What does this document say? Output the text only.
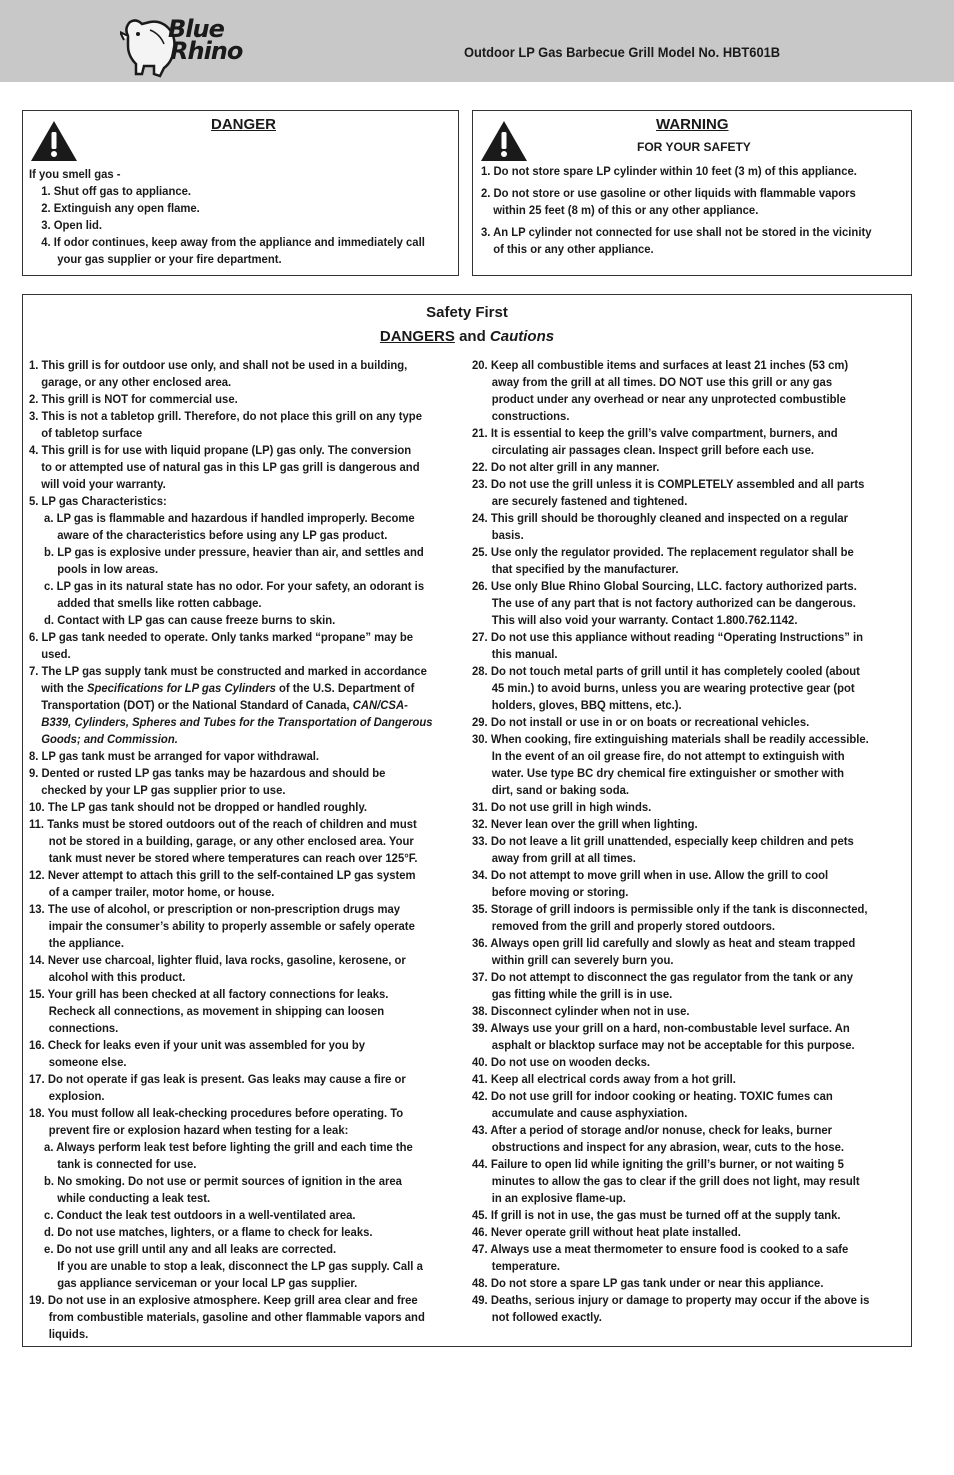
Blue
Rhino	Outdoor LP Gas Barbecue Grill Model No. HBT601B
DANGER
If you smell gas -
1. Shut off gas to appliance.
2. Extinguish any open flame.
3. Open lid.
4. If odor continues, keep away from the appliance and immediately call
your gas supplier or your fire department.
WARNING
FOR YOUR SAFETY
1. Do not store spare LP cylinder within 10 feet (3 m) of this appliance.
2. Do not store or use gasoline or other liquids with flammable vapors
within 25 feet (8 m) of this or any other appliance.
3. An LP cylinder not connected for use shall not be stored in the vicinity
of this or any other appliance.
Safety First
DANGERS and Cautions
1. This grill is for outdoor use only, and shall not be used in a building,
garage, or any other enclosed area.
2. This grill is NOT for commercial use.
3. This is not a tabletop grill. Therefore, do not place this grill on any type
of tabletop surface
4. This grill is for use with liquid propane (LP) gas only. The conversion
to or attempted use of natural gas in this LP gas grill is dangerous and
will void your warranty.
5. LP gas Characteristics:
a. LP gas is flammable and hazardous if handled improperly. Become
aware of the characteristics before using any LP gas product.
b. LP gas is explosive under pressure, heavier than air, and settles and
pools in low areas.
c. LP gas in its natural state has no odor. For your safety, an odorant is
added that smells like rotten cabbage.
d. Contact with LP gas can cause freeze burns to skin.
6. LP gas tank needed to operate. Only tanks marked “propane” may be
used.
7. The LP gas supply tank must be constructed and marked in accordance
with the Specifications for LP gas Cylinders of the U.S. Department of
Transportation (DOT) or the National Standard of Canada, CAN/CSA-
B339, Cylinders, Spheres and Tubes for the Transportation of Dangerous
Goods; and Commission.
8. LP gas tank must be arranged for vapor withdrawal.
9. Dented or rusted LP gas tanks may be hazardous and should be
checked by your LP gas supplier prior to use.
10. The LP gas tank should not be dropped or handled roughly.
11. Tanks must be stored outdoors out of the reach of children and must
not be stored in a building, garage, or any other enclosed area. Your
tank must never be stored where temperatures can reach over 125°F.
12. Never attempt to attach this grill to the self-contained LP gas system
of a camper trailer, motor home, or house.
13. The use of alcohol, or prescription or non-prescription drugs may
impair the consumer’s ability to properly assemble or safely operate
the appliance.
14. Never use charcoal, lighter fluid, lava rocks, gasoline, kerosene, or
alcohol with this product.
15. Your grill has been checked at all factory connections for leaks.
Recheck all connections, as movement in shipping can loosen
connections.
16. Check for leaks even if your unit was assembled for you by
someone else.
17. Do not operate if gas leak is present. Gas leaks may cause a fire or
explosion.
18. You must follow all leak-checking procedures before operating. To
prevent fire or explosion hazard when testing for a leak:
a. Always perform leak test before lighting the grill and each time the
tank is connected for use.
b. No smoking. Do not use or permit sources of ignition in the area
while conducting a leak test.
c. Conduct the leak test outdoors in a well-ventilated area.
d. Do not use matches, lighters, or a flame to check for leaks.
e. Do not use grill until any and all leaks are corrected.
If you are unable to stop a leak, disconnect the LP gas supply. Call a
gas appliance serviceman or your local LP gas supplier.
19. Do not use in an explosive atmosphere. Keep grill area clear and free
from combustible materials, gasoline and other flammable vapors and
liquids.
20. Keep all combustible items and surfaces at least 21 inches (53 cm)
away from the grill at all times. DO NOT use this grill or any gas
product under any overhead or near any unprotected combustible
constructions.
21. It is essential to keep the grill’s valve compartment, burners, and
circulating air passages clean. Inspect grill before each use.
22. Do not alter grill in any manner.
23. Do not use the grill unless it is COMPLETELY assembled and all parts
are securely fastened and tightened.
24. This grill should be thoroughly cleaned and inspected on a regular
basis.
25. Use only the regulator provided. The replacement regulator shall be
that specified by the manufacturer.
26. Use only Blue Rhino Global Sourcing, LLC. factory authorized parts.
The use of any part that is not factory authorized can be dangerous.
This will also void your warranty. Contact 1.800.762.1142.
27. Do not use this appliance without reading “Operating Instructions” in
this manual.
28. Do not touch metal parts of grill until it has completely cooled (about
45 min.) to avoid burns, unless you are wearing protective gear (pot
holders, gloves, BBQ mittens, etc.).
29. Do not install or use in or on boats or recreational vehicles.
30. When cooking, fire extinguishing materials shall be readily accessible.
In the event of an oil grease fire, do not attempt to extinguish with
water. Use type BC dry chemical fire extinguisher or smother with
dirt, sand or baking soda.
31. Do not use grill in high winds.
32. Never lean over the grill when lighting.
33. Do not leave a lit grill unattended, especially keep children and pets
away from grill at all times.
34. Do not attempt to move grill when in use. Allow the grill to cool
before moving or storing.
35. Storage of grill indoors is permissible only if the tank is disconnected,
removed from the grill and properly stored outdoors.
36. Always open grill lid carefully and slowly as heat and steam trapped
within grill can severely burn you.
37. Do not attempt to disconnect the gas regulator from the tank or any
gas fitting while the grill is in use.
38. Disconnect cylinder when not in use.
39. Always use your grill on a hard, non-combustable level surface. An
asphalt or blacktop surface may not be acceptable for this purpose.
40. Do not use on wooden decks.
41. Keep all electrical cords away from a hot grill.
42. Do not use grill for indoor cooking or heating. TOXIC fumes can
accumulate and cause asphyxiation.
43. After a period of storage and/or nonuse, check for leaks, burner
obstructions and inspect for any abrasion, wear, cuts to the hose.
44. Failure to open lid while igniting the grill’s burner, or not waiting 5
minutes to allow the gas to clear if the grill does not light, may result
in an explosive flame-up.
45. If grill is not in use, the gas must be turned off at the supply tank.
46. Never operate grill without heat plate installed.
47. Always use a meat thermometer to ensure food is cooked to a safe
temperature.
48. Do not store a spare LP gas tank under or near this appliance.
49. Deaths, serious injury or damage to property may occur if the above is
not followed exactly.
